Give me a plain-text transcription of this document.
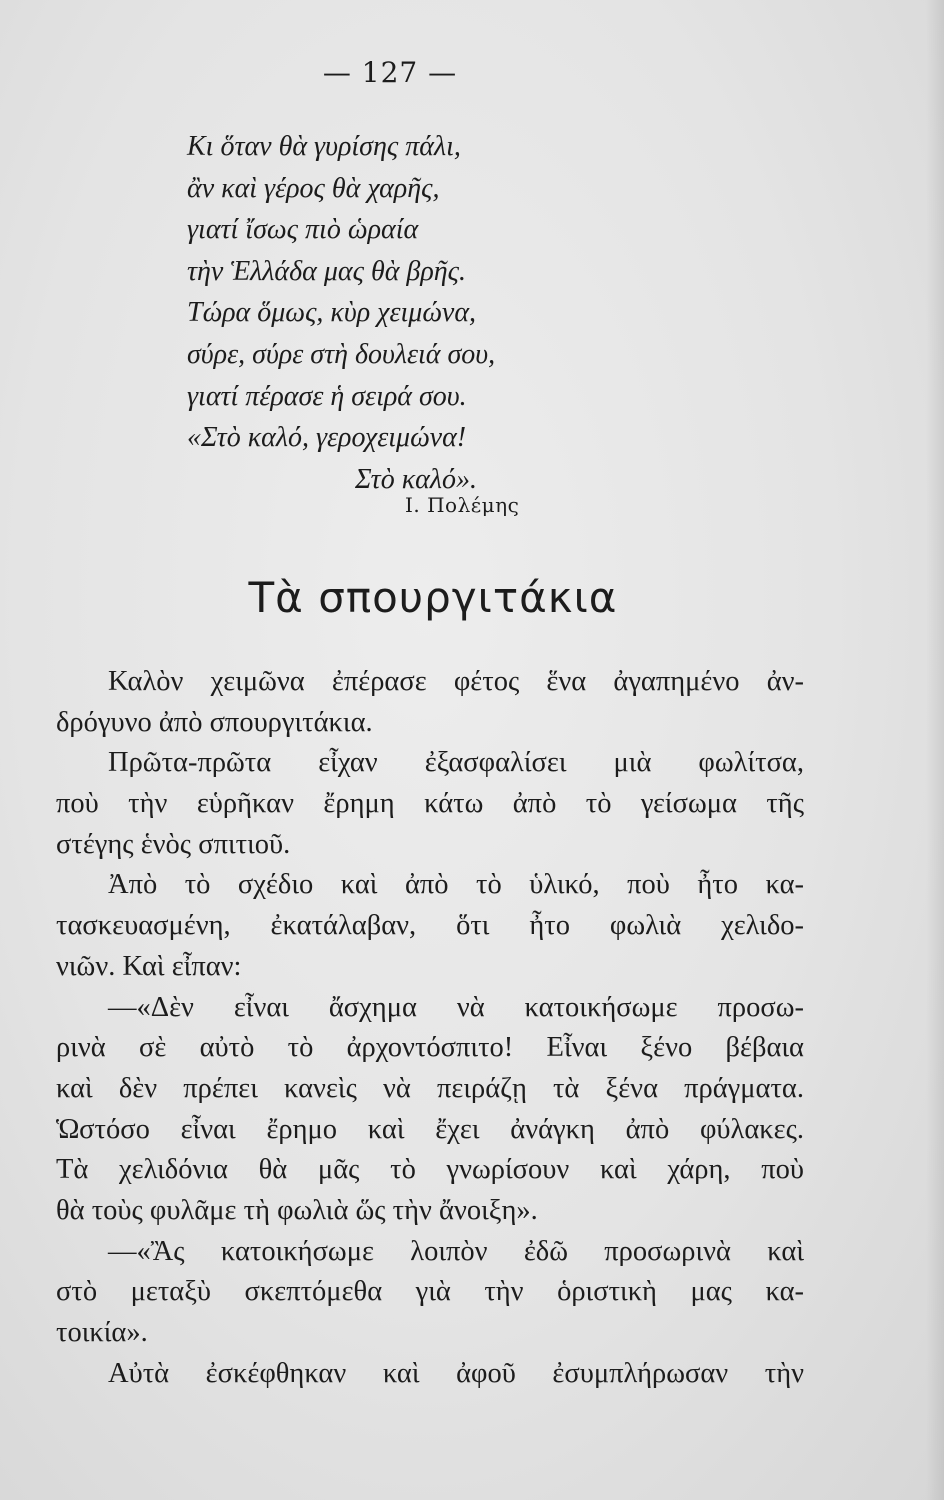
— 127 —
Κι ὅταν θὰ γυρίσης πάλι,
ἂν καὶ γέρος θὰ χαρῆς,
γιατί ἴσως πιὸ ὡραία
τὴν Ἑλλάδα μας θὰ βρῆς.
Τώρα ὅμως, κὺρ χειμώνα,
σύρε, σύρε στὴ δουλειά σου,
γιατί πέρασε ἡ σειρά σου.
«Στὸ καλό, γεροχειμώνα!
Στὸ καλό».
Ι. Πολέμης
Τὰ σπουργιτάκια
Καλὸν χειμῶνα ἐπέρασε φέτος ἕνα ἀγαπημένο ἀν-
δρόγυνο ἀπὸ σπουργιτάκια.
Πρῶτα-πρῶτα εἶχαν ἐξασφαλίσει μιὰ φωλίτσα,
ποὺ τὴν εὑρῆκαν ἔρημη κάτω ἀπὸ τὸ γείσωμα τῆς
στέγης ἑνὸς σπιτιοῦ.
Ἀπὸ τὸ σχέδιο καὶ ἀπὸ τὸ ὑλικό, ποὺ ἦτο κα-
τασκευασμένη, ἐκατάλαβαν, ὅτι ἦτο φωλιὰ χελιδο-
νιῶν. Καὶ εἶπαν:
—«Δὲν εἶναι ἄσχημα νὰ κατοικήσωμε προσω-
ρινὰ σὲ αὐτὸ τὸ ἀρχοντόσπιτο! Εἶναι ξένο βέβαια
καὶ δὲν πρέπει κανεὶς νὰ πειράζῃ τὰ ξένα πράγματα.
Ὡστόσο εἶναι ἔρημο καὶ ἔχει ἀνάγκη ἀπὸ φύλακες.
Τὰ χελιδόνια θὰ μᾶς τὸ γνωρίσουν καὶ χάρη, ποὺ
θὰ τοὺς φυλᾶμε τὴ φωλιὰ ὥς τὴν ἄνοιξη».
—«Ἂς κατοικήσωμε λοιπὸν ἐδῶ προσωρινὰ καὶ
στὸ μεταξὺ σκεπτόμεθα γιὰ τὴν ὁριστικὴ μας κα-
τοικία».
Αὐτὰ ἐσκέφθηκαν καὶ ἀφοῦ ἐσυμπλήρωσαν τὴν
